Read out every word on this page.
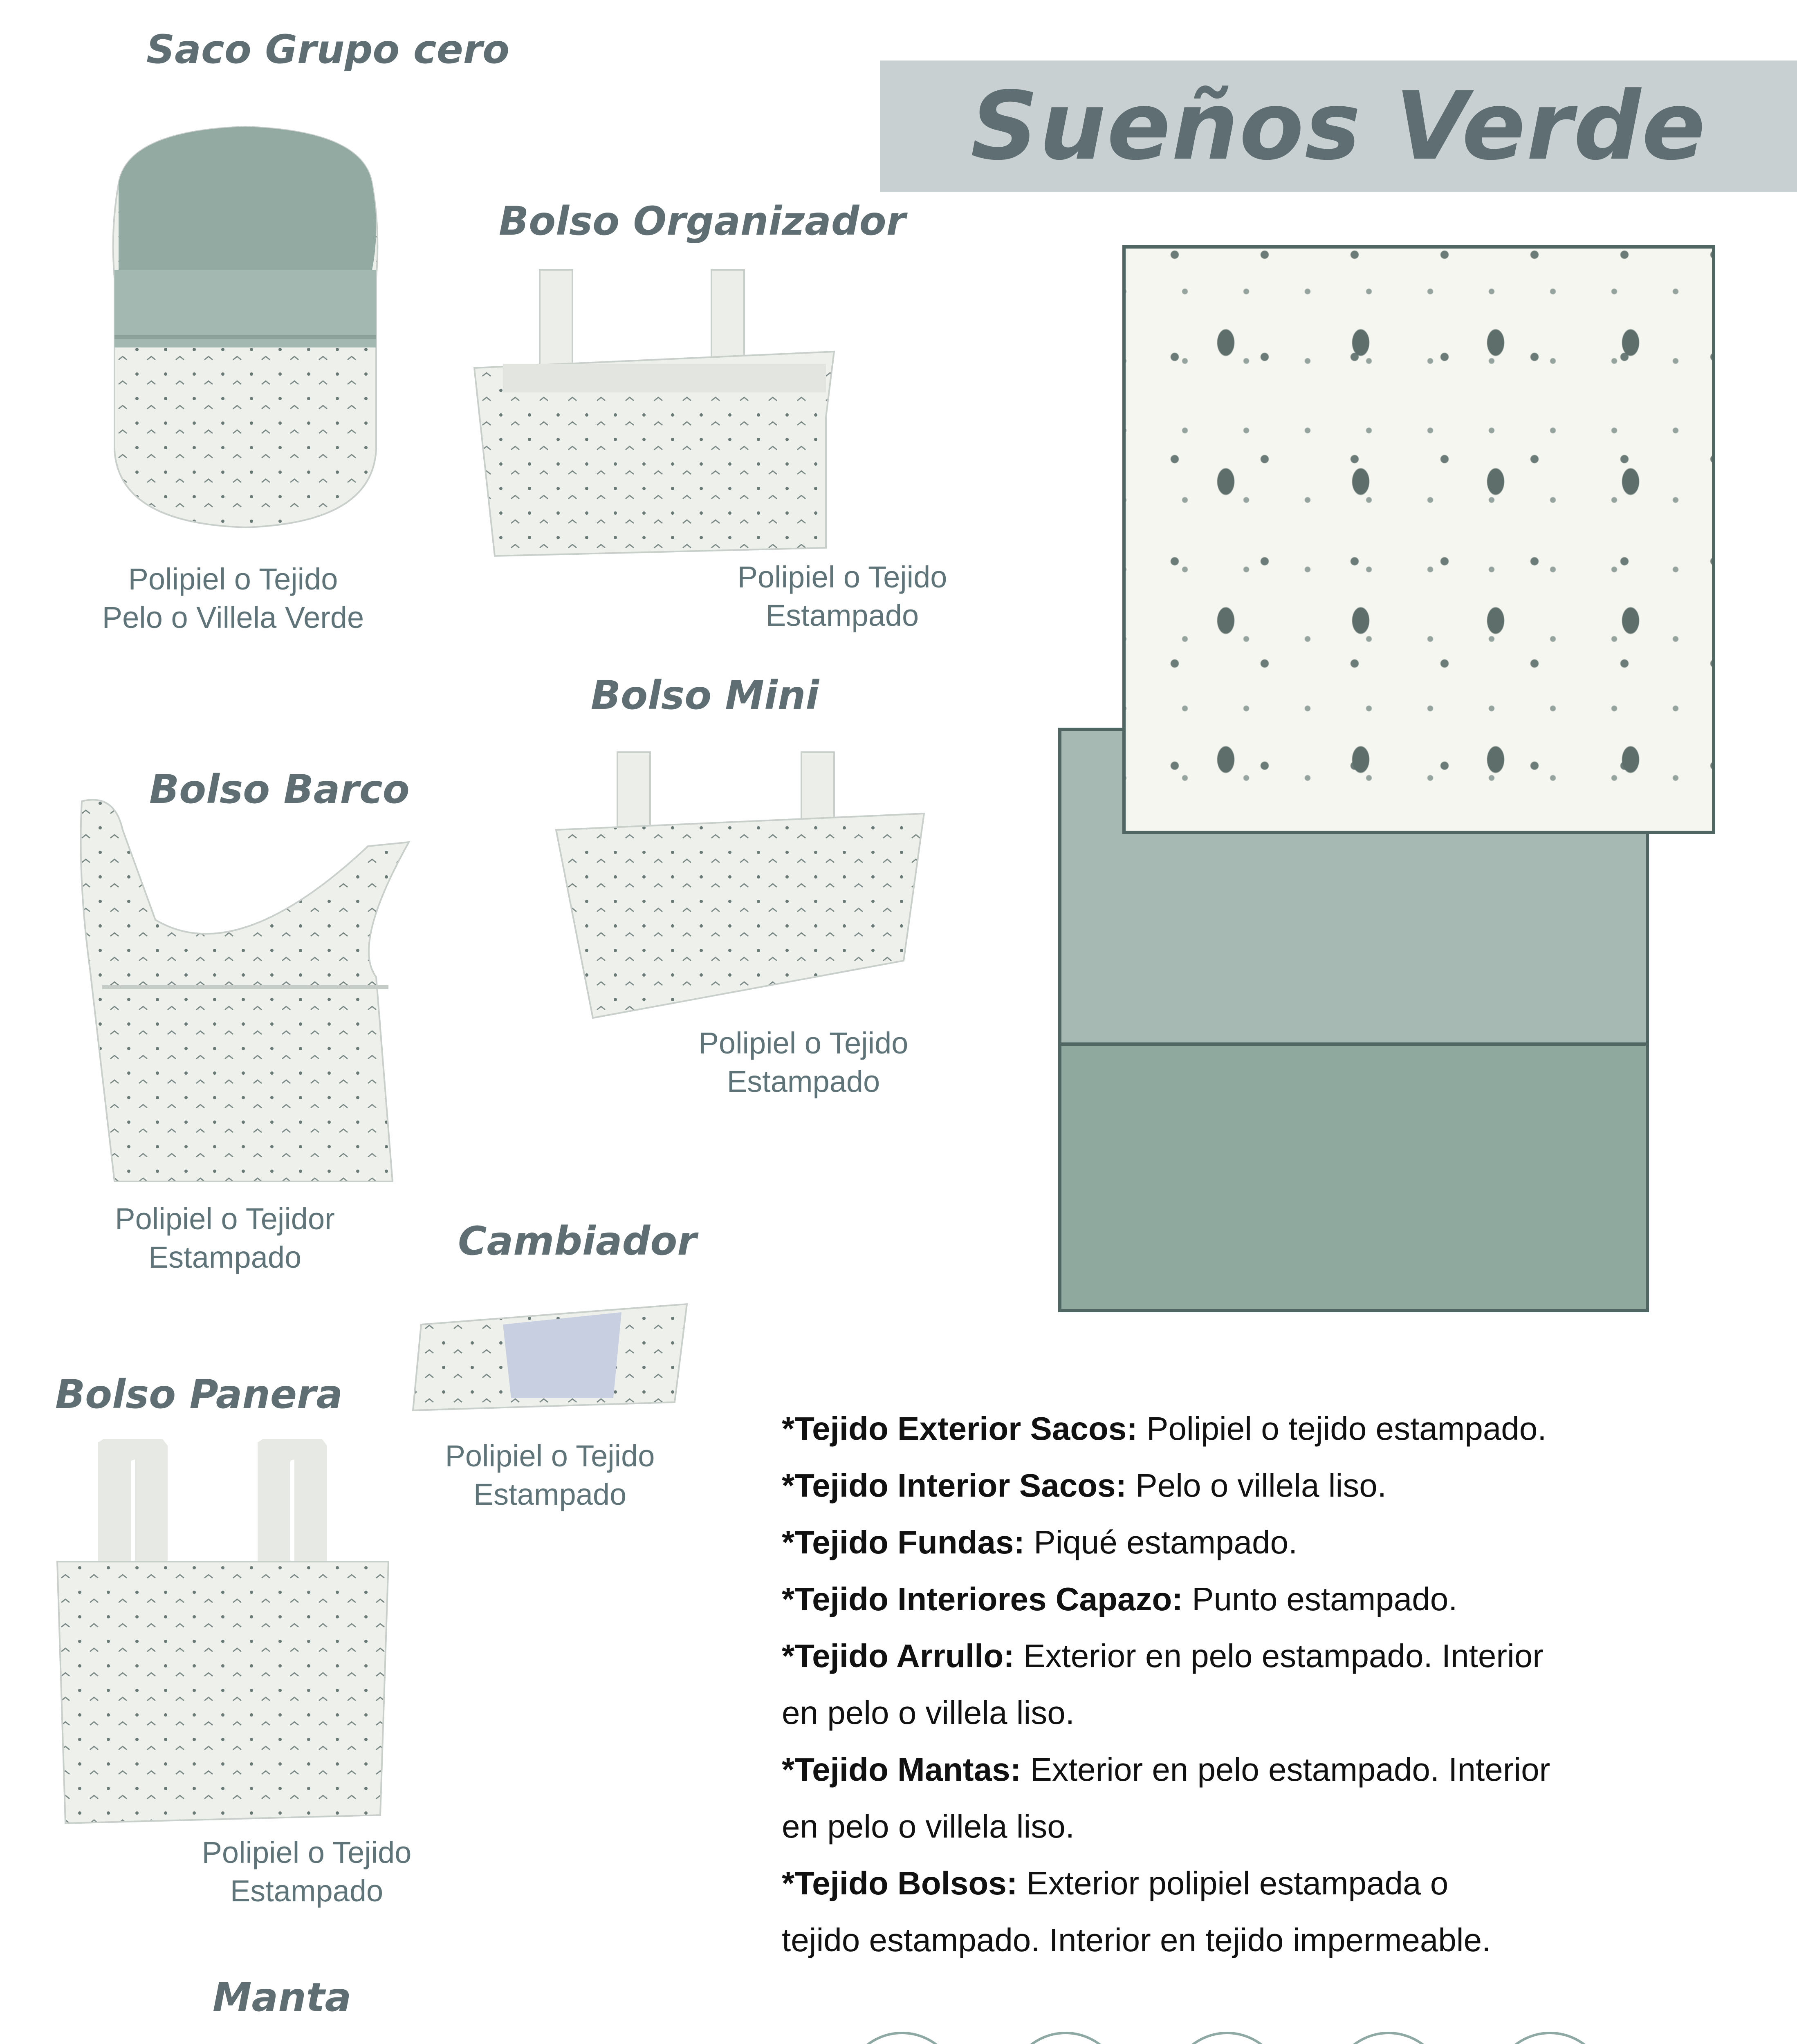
Sueños Verde
Saco Grupo cero
Polipiel o Tejido
Pelo o Villela Verde
Bolso Organizador
Polipiel o Tejido
Estampado
Bolso Mini
Polipiel o Tejido
Estampado
Bolso Barco
Polipiel o Tejidor
Estampado	Cambiador
Polipiel o Tejido
Estampado
Bolso Panera
Polipiel o Tejido
Estampado
Manta
*Tejido Exterior Sacos: Polipiel o tejido estampado.
*Tejido Interior Sacos: Pelo o villela liso.
*Tejido Fundas: Piqué estampado.
*Tejido Interiores Capazo: Punto estampado.
*Tejido Arrullo: Exterior en pelo estampado. Interior
en pelo o villela liso.
*Tejido Mantas: Exterior en pelo estampado. Interior
en pelo o villela liso.
*Tejido Bolsos: Exterior polipiel estampada o
tejido estampado. Interior en tejido impermeable.
